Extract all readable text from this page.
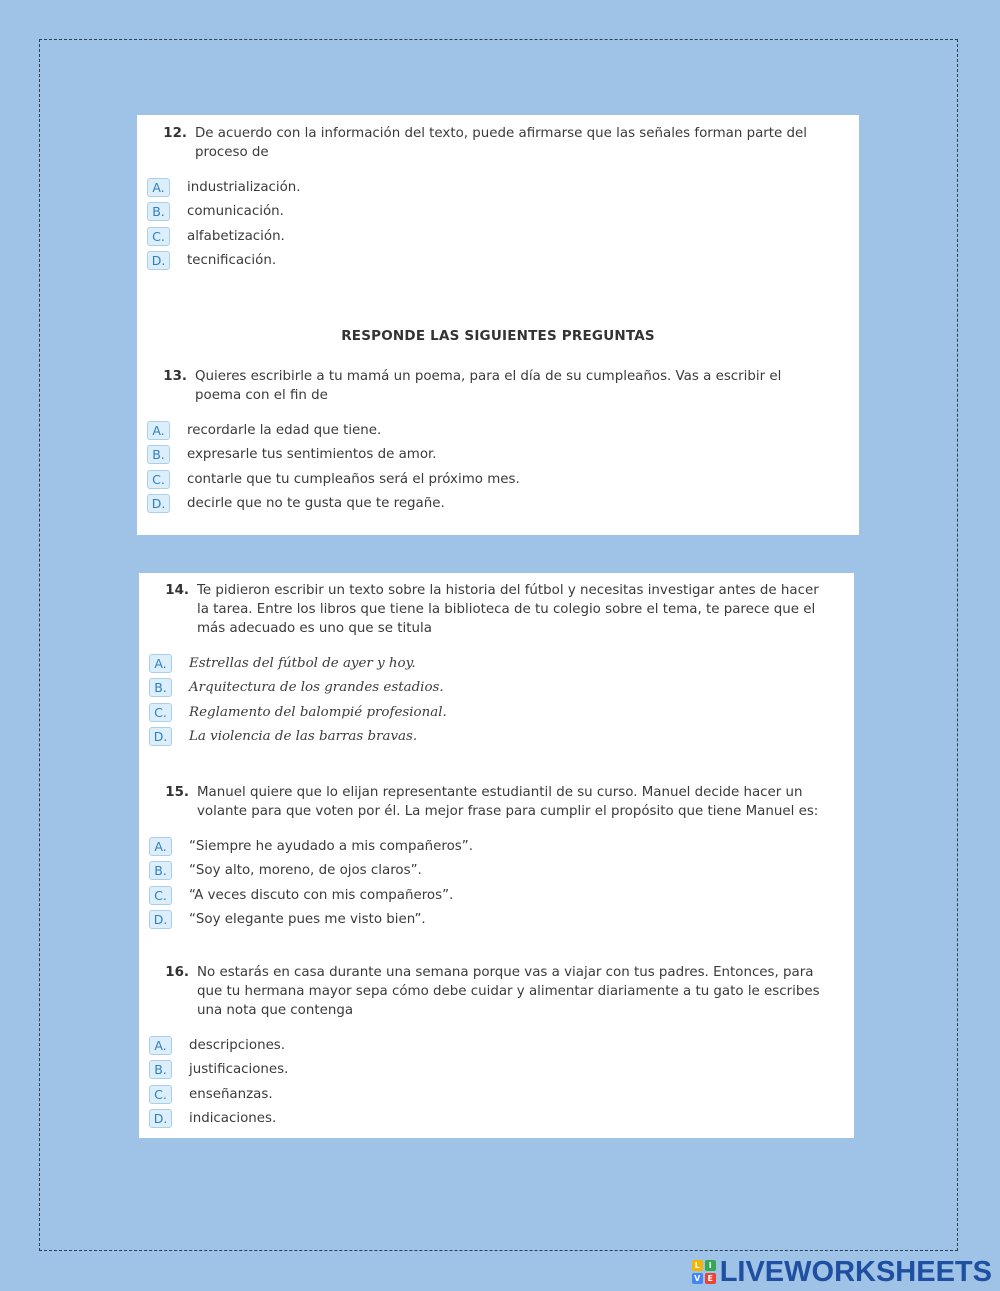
12. De acuerdo con la información del texto, puede afirmarse que las señales forman parte del proceso de
A.	industrialización.
B.	comunicación.
C.	alfabetización.
D.	tecnificación.
RESPONDE LAS SIGUIENTES PREGUNTAS
13. Quieres escribirle a tu mamá un poema, para el día de su cumpleaños. Vas a escribir el poema con el fin de
A.	recordarle la edad que tiene.
B.	expresarle tus sentimientos de amor.
C.	contarle que tu cumpleaños será el próximo mes.
D.	decirle que no te gusta que te regañe.
14. Te pidieron escribir un texto sobre la historia del fútbol y necesitas investigar antes de hacer la tarea. Entre los libros que tiene la biblioteca de tu colegio sobre el tema, te parece que el más adecuado es uno que se titula
A.	Estrellas del fútbol de ayer y hoy.
B.	Arquitectura de los grandes estadios.
C.	Reglamento del balompié profesional.
D.	La violencia de las barras bravas.
15. Manuel quiere que lo elijan representante estudiantil de su curso. Manuel decide hacer un volante para que voten por él. La mejor frase para cumplir el propósito que tiene Manuel es:
A.	“Siempre he ayudado a mis compañeros”.
B.	“Soy alto, moreno, de ojos claros”.
C.	“A veces discuto con mis compañeros”.
D.	“Soy elegante pues me visto bien”.
16. No estarás en casa durante una semana porque vas a viajar con tus padres. Entonces, para que tu hermana mayor sepa cómo debe cuidar y alimentar diariamente a tu gato le escribes una nota que contenga
A.	descripciones.
B.	justificaciones.
C.	enseñanzas.
D.	indicaciones.
L	I
V E LIVEWORKSHEETS
